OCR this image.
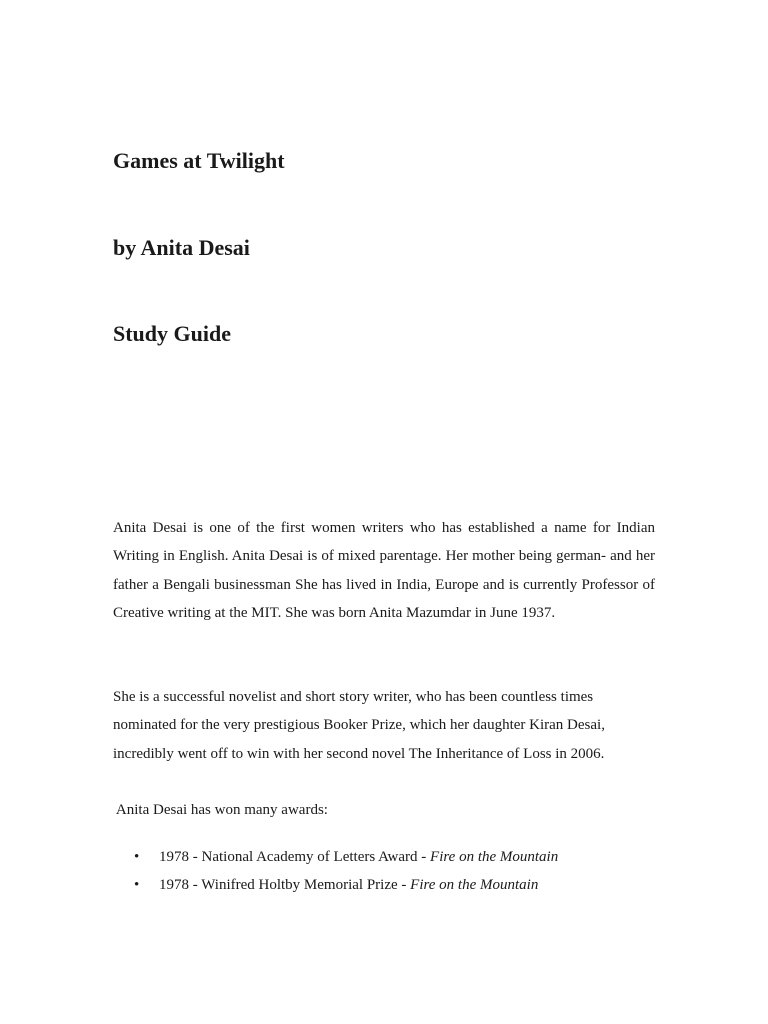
Games at Twilight
by Anita Desai
Study Guide

Anita Desai is one of the first women writers who has established a name for Indian Writing in English. Anita Desai is of mixed parentage. Her mother being german- and her father a Bengali businessman She has lived in India, Europe and is currently Professor of Creative writing at the MIT. She was born Anita Mazumdar in June 1937.

She is a successful novelist and short story writer, who has been countless times nominated for the very prestigious Booker Prize, which her daughter Kiran Desai, incredibly went off to win with her second novel The Inheritance of Loss in 2006.

Anita Desai has won many awards:

• 1978 - National Academy of Letters Award - Fire on the Mountain
• 1978 - Winifred Holtby Memorial Prize - Fire on the Mountain
